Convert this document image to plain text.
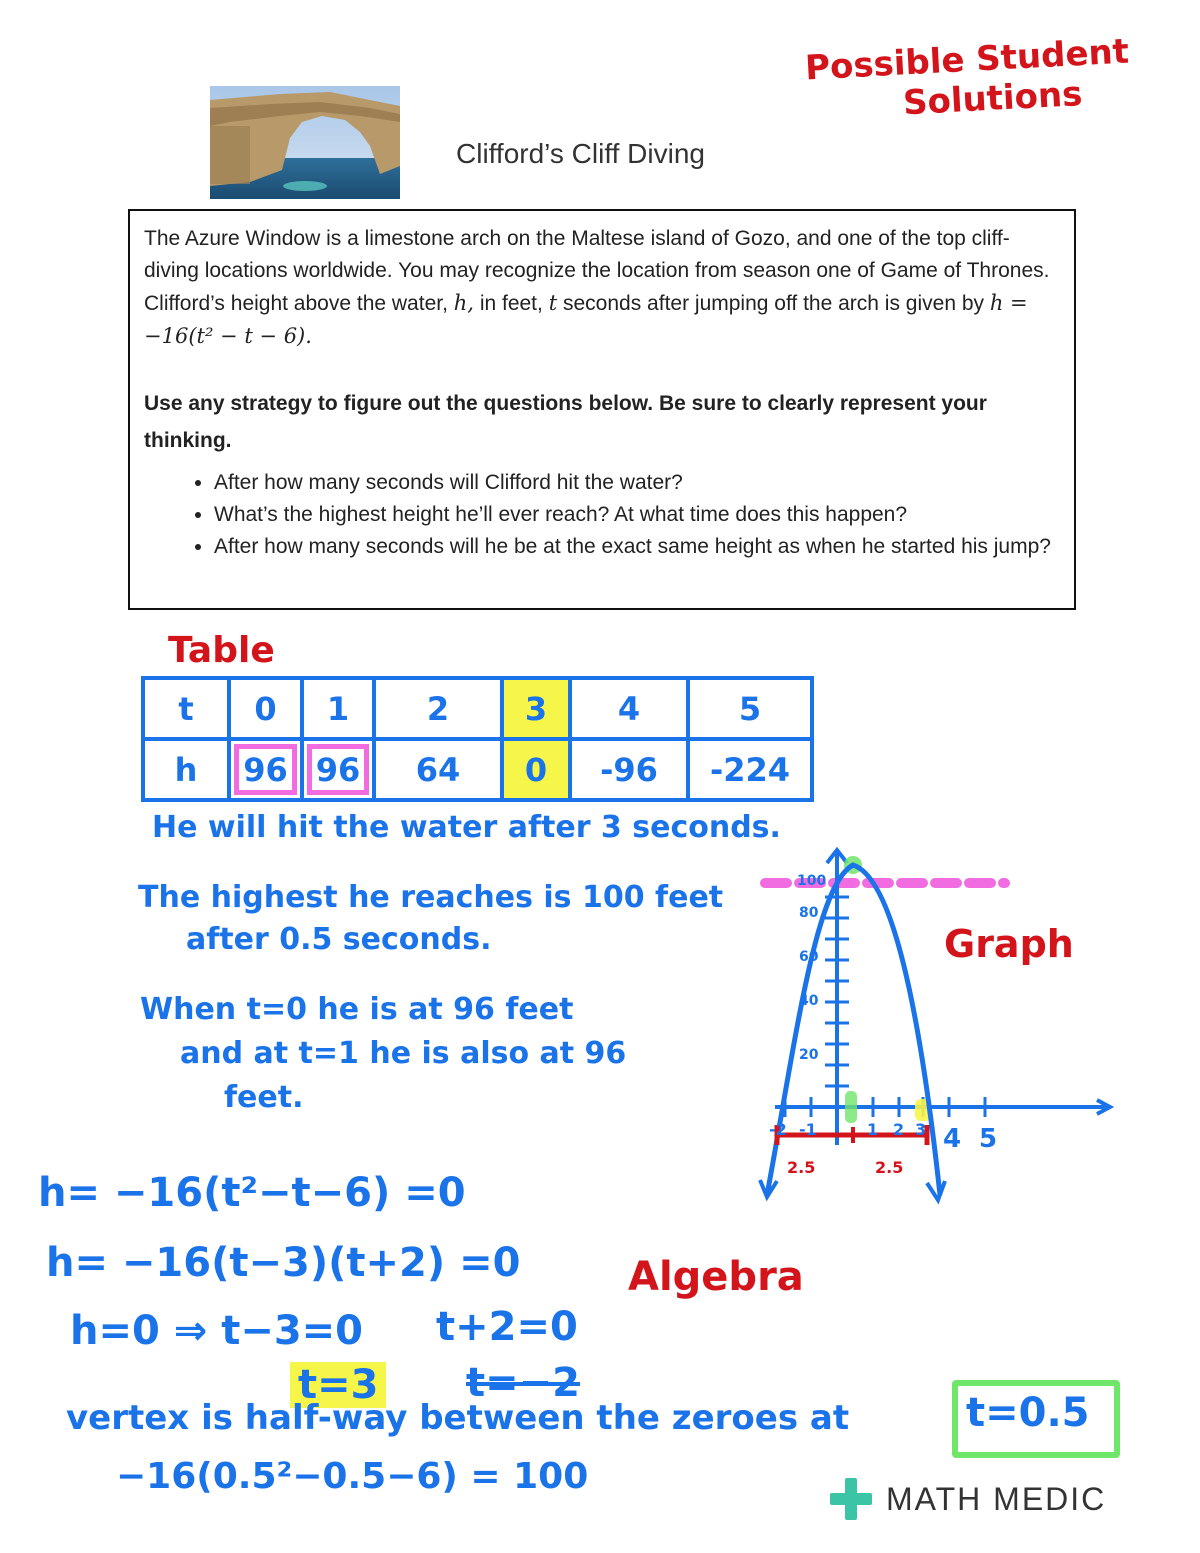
Clifford’s Cliff Diving
Possible Student
Solutions

The Azure Window is a limestone arch on the Maltese island of Gozo, and one of the top cliff-diving locations worldwide. You may recognize the location from season one of Game of Thrones. Clifford’s height above the water, h, in feet, t seconds after jumping off the arch is given by h = −16(t² − t − 6).

Use any strategy to figure out the questions below. Be sure to clearly represent your thinking.

• After how many seconds will Clifford hit the water?
• What’s the highest height he’ll ever reach? At what time does this happen?
• After how many seconds will he be at the exact same height as when he started his jump?
Table
t	0	1	2	3	4	5
h	96	96	64	0	-96	-224
He will hit the water after 3 seconds.
The highest he reaches is 100 feet
after 0.5 seconds.
When t=0 he is at 96 feet
and at t=1 he is also at 96
feet.
100
80
60
40
20
-2 -1	1 2 3 4 5
2.5	2.5
Graph
h= −16(t²−t−6) =0
h= −16(t−3)(t+2) =0	Algebra
h=0 ⇒ t−3=0 t+2=0
t=3 t=−2
vertex is half-way between the zeroes at	t=0.5
−16(0.5²−0.5−6) = 100
MATH MEDIC
